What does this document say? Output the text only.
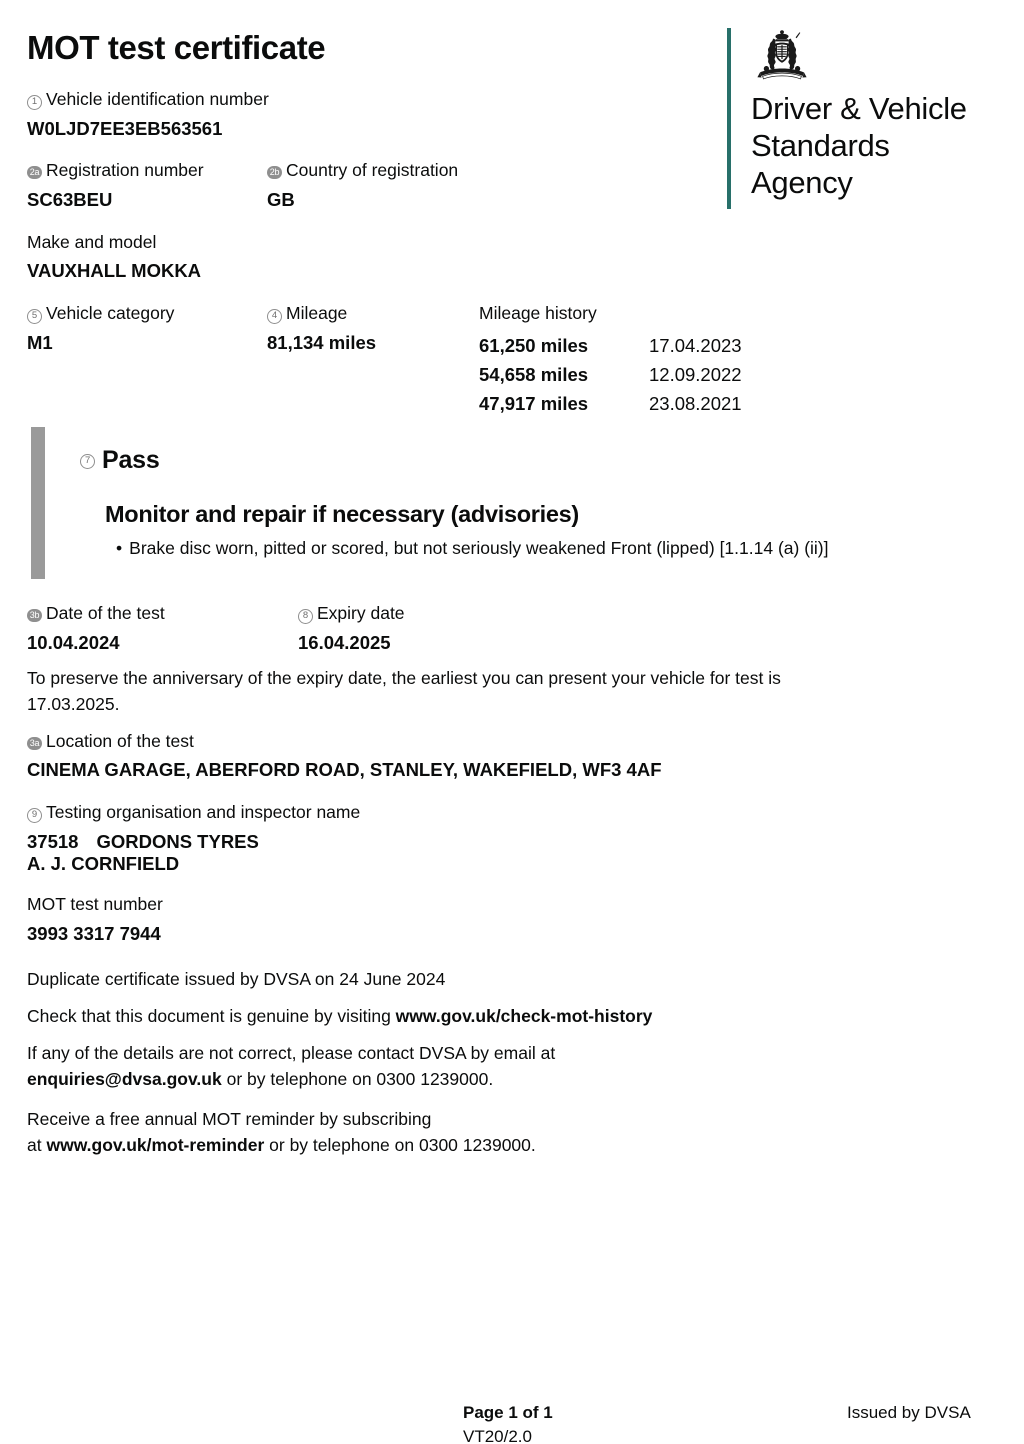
MOT test certificate
Driver & Vehicle
Standards
Agency
1 Vehicle identification number
W0LJD7EE3EB563561
2a Registration number
SC63BEU
2b Country of registration
GB
Make and model
VAUXHALL MOKKA
5 Vehicle category
M1
4 Mileage
81,134 miles
Mileage history
61,250 miles	17.04.2023
54,658 miles	12.09.2022
47,917 miles	23.08.2021
7 Pass
Monitor and repair if necessary (advisories)
• Brake disc worn, pitted or scored, but not seriously weakened Front (lipped) [1.1.14 (a) (ii)]
3b Date of the test
10.04.2024
8 Expiry date
16.04.2025
To preserve the anniversary of the expiry date, the earliest you can present your vehicle for test is
17.03.2025.
3a Location of the test
CINEMA GARAGE, ABERFORD ROAD, STANLEY, WAKEFIELD, WF3 4AF
9 Testing organisation and inspector name
37518 GORDONS TYRES
A. J. CORNFIELD
MOT test number
3993 3317 7944
Duplicate certificate issued by DVSA on 24 June 2024
Check that this document is genuine by visiting www.gov.uk/check-mot-history
If any of the details are not correct, please contact DVSA by email at
enquiries@dvsa.gov.uk or by telephone on 0300 1239000.
Receive a free annual MOT reminder by subscribing
at www.gov.uk/mot-reminder or by telephone on 0300 1239000.
Page 1 of 1
VT20/2.0
Issued by DVSA
